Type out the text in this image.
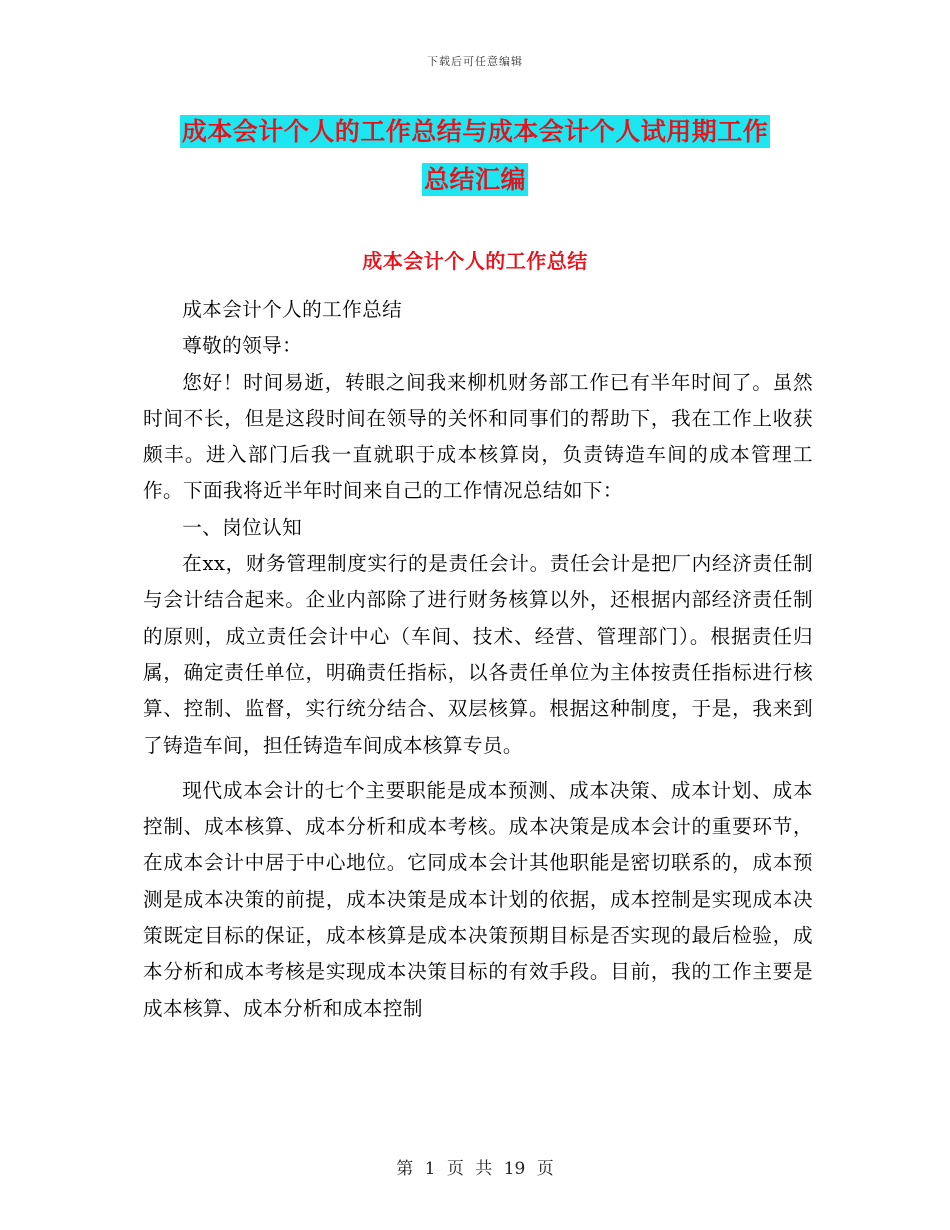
下载后可任意编辑
成本会计个人的工作总结与成本会计个人试用期工作
总结汇编
成本会计个人的工作总结

成本会计个人的工作总结

尊敬的领导：

您好！时间易逝，转眼之间我来柳机财务部工作已有半年时间了。虽然时间不长，但是这段时间在领导的关怀和同事们的帮助下，我在工作上收获颇丰。进入部门后我一直就职于成本核算岗，负责铸造车间的成本管理工作。下面我将近半年时间来自己的工作情况总结如下：

一、岗位认知

在xx，财务管理制度实行的是责任会计。责任会计是把厂内经济责任制与会计结合起来。企业内部除了进行财务核算以外，还根据内部经济责任制的原则，成立责任会计中心（车间、技术、经营、管理部门）。根据责任归属，确定责任单位，明确责任指标，以各责任单位为主体按责任指标进行核算、控制、监督，实行统分结合、双层核算。根据这种制度，于是，我来到了铸造车间，担任铸造车间成本核算专员。

现代成本会计的七个主要职能是成本预测、成本决策、成本计划、成本控制、成本核算、成本分析和成本考核。成本决策是成本会计的重要环节，在成本会计中居于中心地位。它同成本会计其他职能是密切联系的，成本预测是成本决策的前提，成本决策是成本计划的依据，成本控制是实现成本决策既定目标的保证，成本核算是成本决策预期目标是否实现的最后检验，成本分析和成本考核是实现成本决策目标的有效手段。目前，我的工作主要是成本核算、成本分析和成本控制

第 1 页 共 19 页
